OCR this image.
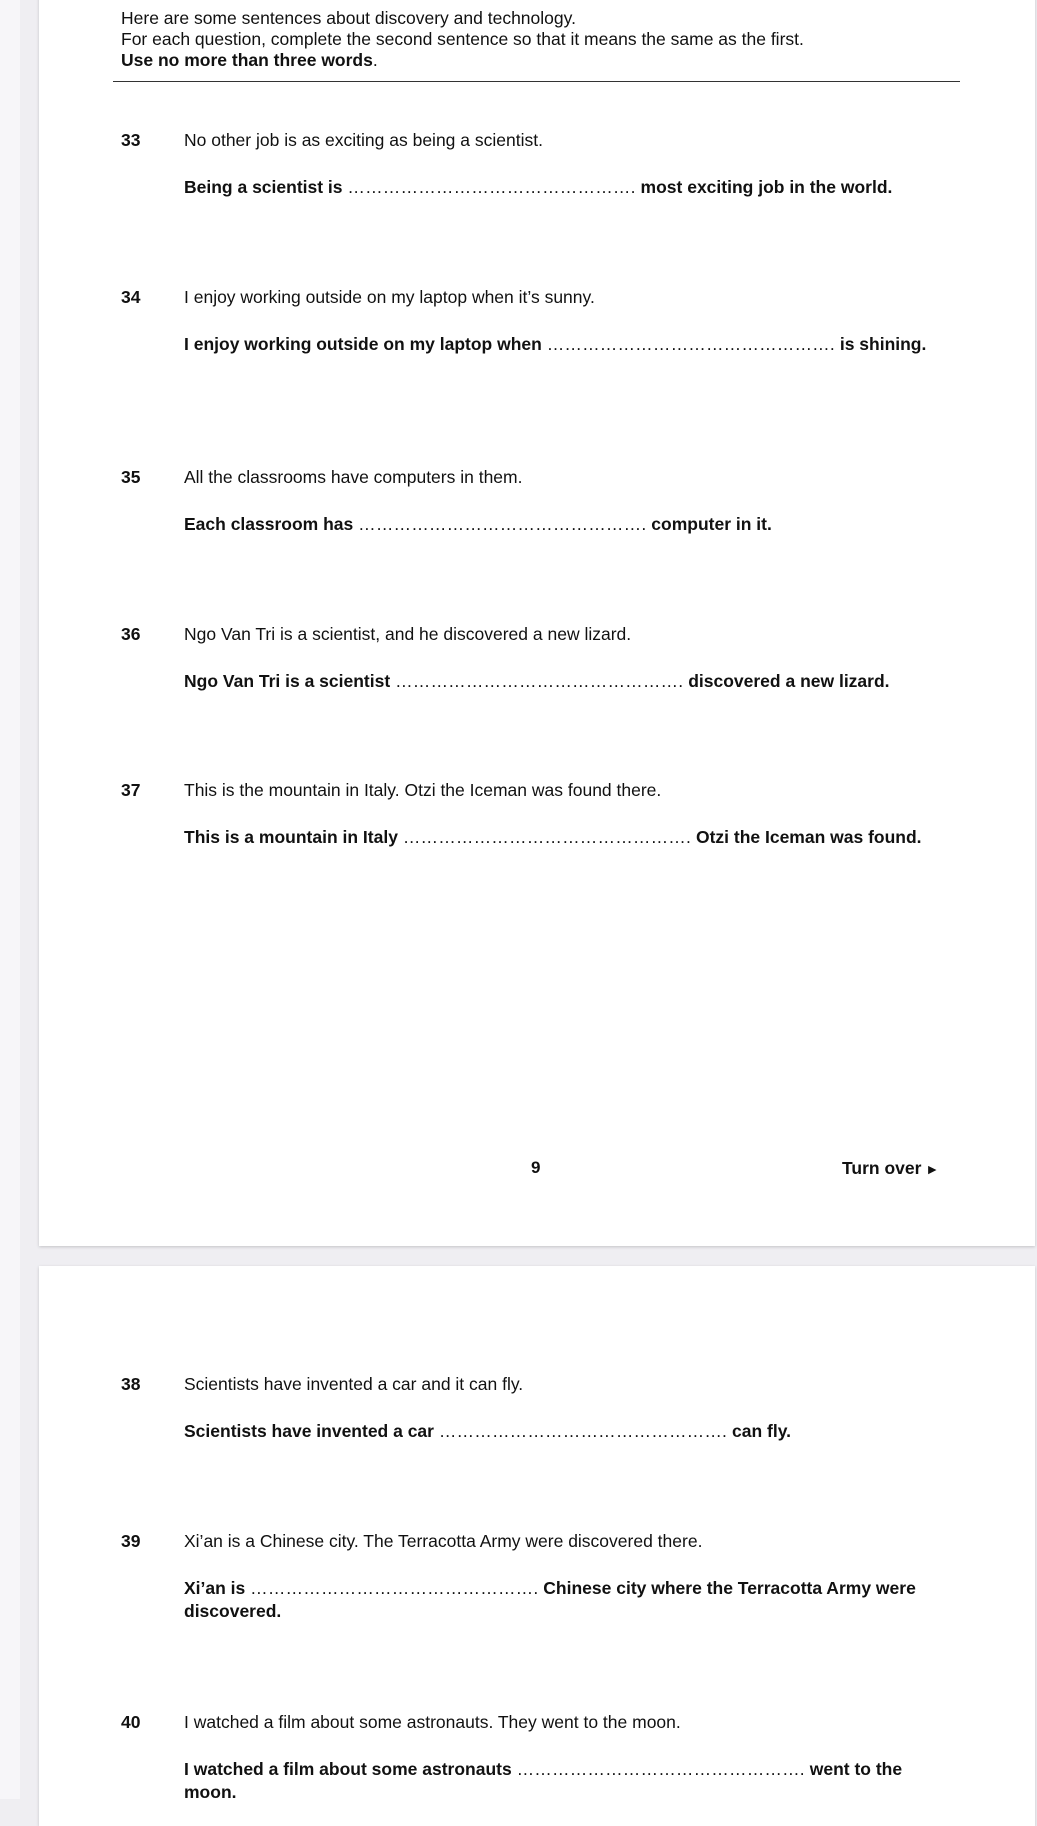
Here are some sentences about discovery and technology.
For each question, complete the second sentence so that it means the same as the first.
Use no more than three words.
33 No other job is as exciting as being a scientist.
Being a scientist is …………………………………………. most exciting job in the world.
34 I enjoy working outside on my laptop when it’s sunny.
I enjoy working outside on my laptop when …………………………………………. is shining.
35 All the classrooms have computers in them.
Each classroom has …………………………………………. computer in it.
36 Ngo Van Tri is a scientist, and he discovered a new lizard.
Ngo Van Tri is a scientist …………………………………………. discovered a new lizard.
37 This is the mountain in Italy. Otzi the Iceman was found there.
This is a mountain in Italy …………………………………………. Otzi the Iceman was found.
9	Turn over ►
38 Scientists have invented a car and it can fly.
Scientists have invented a car …………………………………………. can fly.
39 Xi’an is a Chinese city. The Terracotta Army were discovered there.
Xi’an is …………………………………………. Chinese city where the Terracotta Army were discovered.
40 I watched a film about some astronauts. They went to the moon.
I watched a film about some astronauts …………………………………………. went to the moon.
